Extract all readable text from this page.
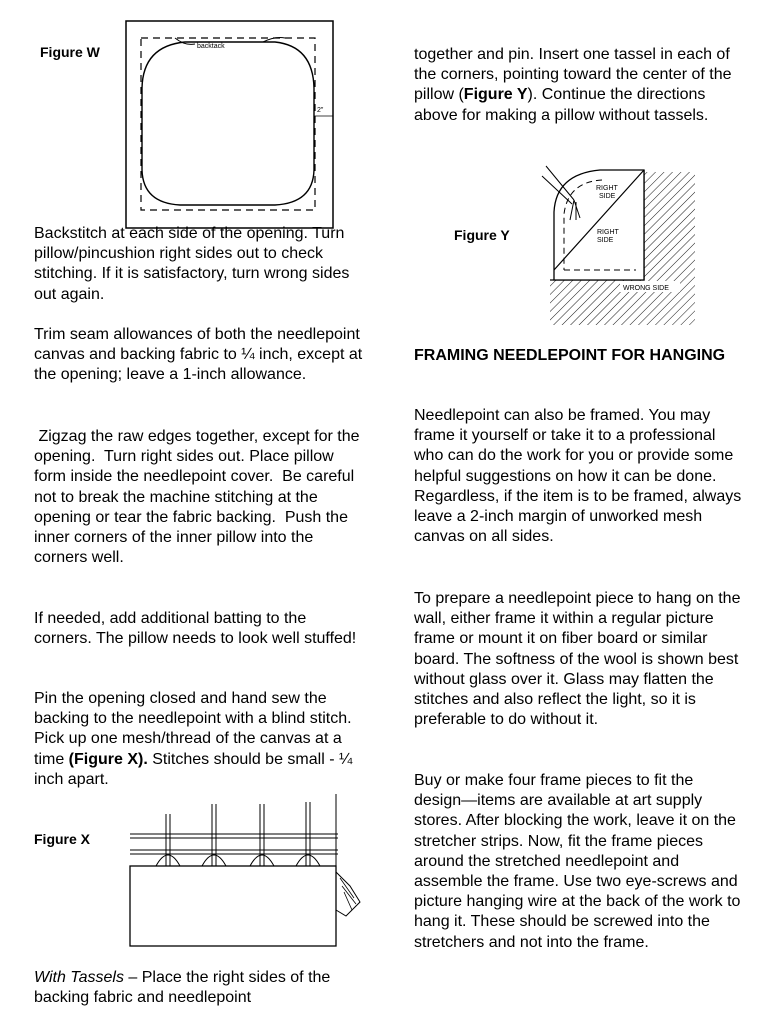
Figure W	backtack
2"

Backstitch at each side of the opening. Turn pillow/pincushion right sides out to check stitching. If it is satisfactory, turn wrong sides out again.

Trim seam allowances of both the needlepoint canvas and backing fabric to ¼ inch, except at the opening; leave a 1-inch allowance.

Zigzag the raw edges together, except for the opening.  Turn right sides out. Place pillow form inside the needlepoint cover.  Be careful not to break the machine stitching at the opening or tear the fabric backing.  Push the inner corners of the inner pillow into the corners well.

If needed, add additional batting to the corners. The pillow needs to look well stuffed!

Pin the opening closed and hand sew the backing to the needlepoint with a blind stitch. Pick up one mesh/thread of the canvas at a time (Figure X). Stitches should be small - ¼ inch apart.

Figure X

With Tassels – Place the right sides of the backing fabric and needlepoint

together and pin. Insert one tassel in each of the corners, pointing toward the center of the pillow (Figure Y). Continue the directions above for making a pillow without tassels.

Figure Y
RIGHT
SIDE
RIGHT
SIDE
WRONG SIDE

FRAMING NEEDLEPOINT FOR HANGING

Needlepoint can also be framed. You may frame it yourself or take it to a professional who can do the work for you or provide some helpful suggestions on how it can be done. Regardless, if the item is to be framed, always leave a 2-inch margin of unworked mesh canvas on all sides.

To prepare a needlepoint piece to hang on the wall, either frame it within a regular picture frame or mount it on fiber board or similar board. The softness of the wool is shown best without glass over it. Glass may flatten the stitches and also reflect the light, so it is preferable to do without it.

Buy or make four frame pieces to fit the design—items are available at art supply stores. After blocking the work, leave it on the stretcher strips. Now, fit the frame pieces around the stretched needlepoint and assemble the frame. Use two eye-screws and picture hanging wire at the back of the work to hang it. These should be screwed into the stretchers and not into the frame.
